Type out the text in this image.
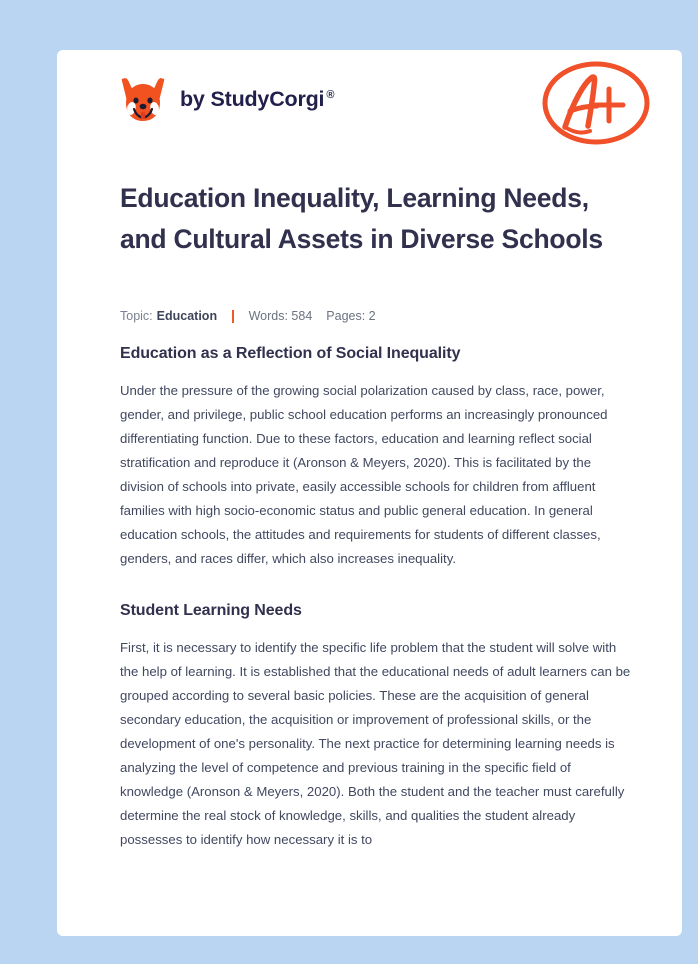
by StudyCorgi ®
Education Inequality, Learning Needs, and Cultural Assets in Diverse Schools
Topic: Education	Words: 584 Pages: 2
Education as a Reflection of Social Inequality

Under the pressure of the growing social polarization caused by class, race, power, gender, and privilege, public school education performs an increasingly pronounced differentiating function. Due to these factors, education and learning reflect social stratification and reproduce it (Aronson & Meyers, 2020). This is facilitated by the division of schools into private, easily accessible schools for children from affluent families with high socio-economic status and public general education. In general education schools, the attitudes and requirements for students of different classes, genders, and races differ, which also increases inequality.

Student Learning Needs

First, it is necessary to identify the specific life problem that the student will solve with the help of learning. It is established that the educational needs of adult learners can be grouped according to several basic policies. These are the acquisition of general secondary education, the acquisition or improvement of professional skills, or the development of one's personality. The next practice for determining learning needs is analyzing the level of competence and previous training in the specific field of knowledge (Aronson & Meyers, 2020). Both the student and the teacher must carefully determine the real stock of knowledge, skills, and qualities the student already possesses to identify how necessary it is to
